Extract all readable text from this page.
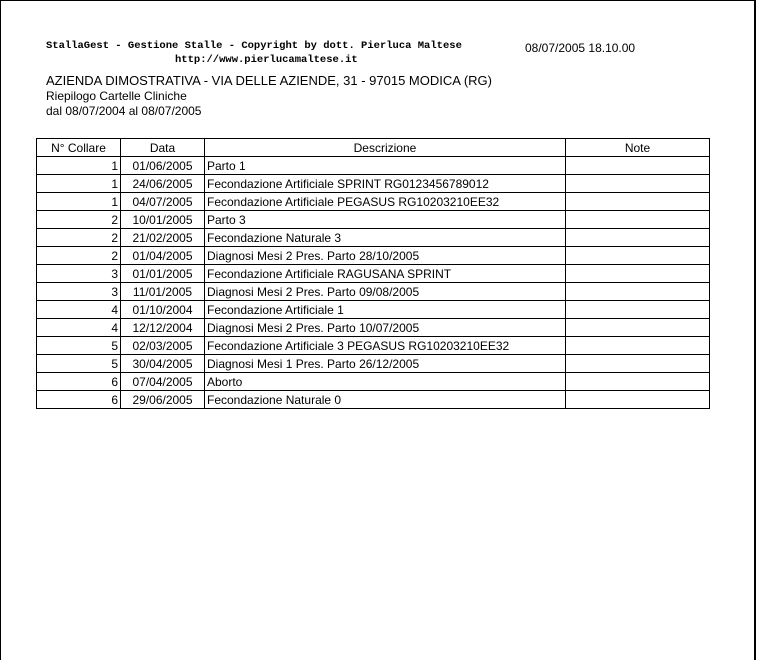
StallaGest - Gestione Stalle - Copyright by dott. Pierluca Maltese
http://www.pierlucamaltese.it
08/07/2005 18.10.00
AZIENDA DIMOSTRATIVA - VIA DELLE AZIENDE, 31 - 97015 MODICA (RG)
Riepilogo Cartelle Cliniche
dal 08/07/2004 al 08/07/2005
N° Collare	Data	Descrizione	Note
1	01/06/2005	Parto 1	
1	24/06/2005	Fecondazione Artificiale SPRINT RG0123456789012	
1	04/07/2005	Fecondazione Artificiale PEGASUS RG10203210EE32	
2	10/01/2005	Parto 3	
2	21/02/2005	Fecondazione Naturale 3	
2	01/04/2005	Diagnosi Mesi 2 Pres. Parto 28/10/2005	
3	01/01/2005	Fecondazione Artificiale RAGUSANA SPRINT	
3	11/01/2005	Diagnosi Mesi 2 Pres. Parto 09/08/2005	
4	01/10/2004	Fecondazione Artificiale 1	
4	12/12/2004	Diagnosi Mesi 2 Pres. Parto 10/07/2005	
5	02/03/2005	Fecondazione Artificiale 3 PEGASUS RG10203210EE32	
5	30/04/2005	Diagnosi Mesi 1 Pres. Parto 26/12/2005	
6	07/04/2005	Aborto	
6	29/06/2005	Fecondazione Naturale 0	
